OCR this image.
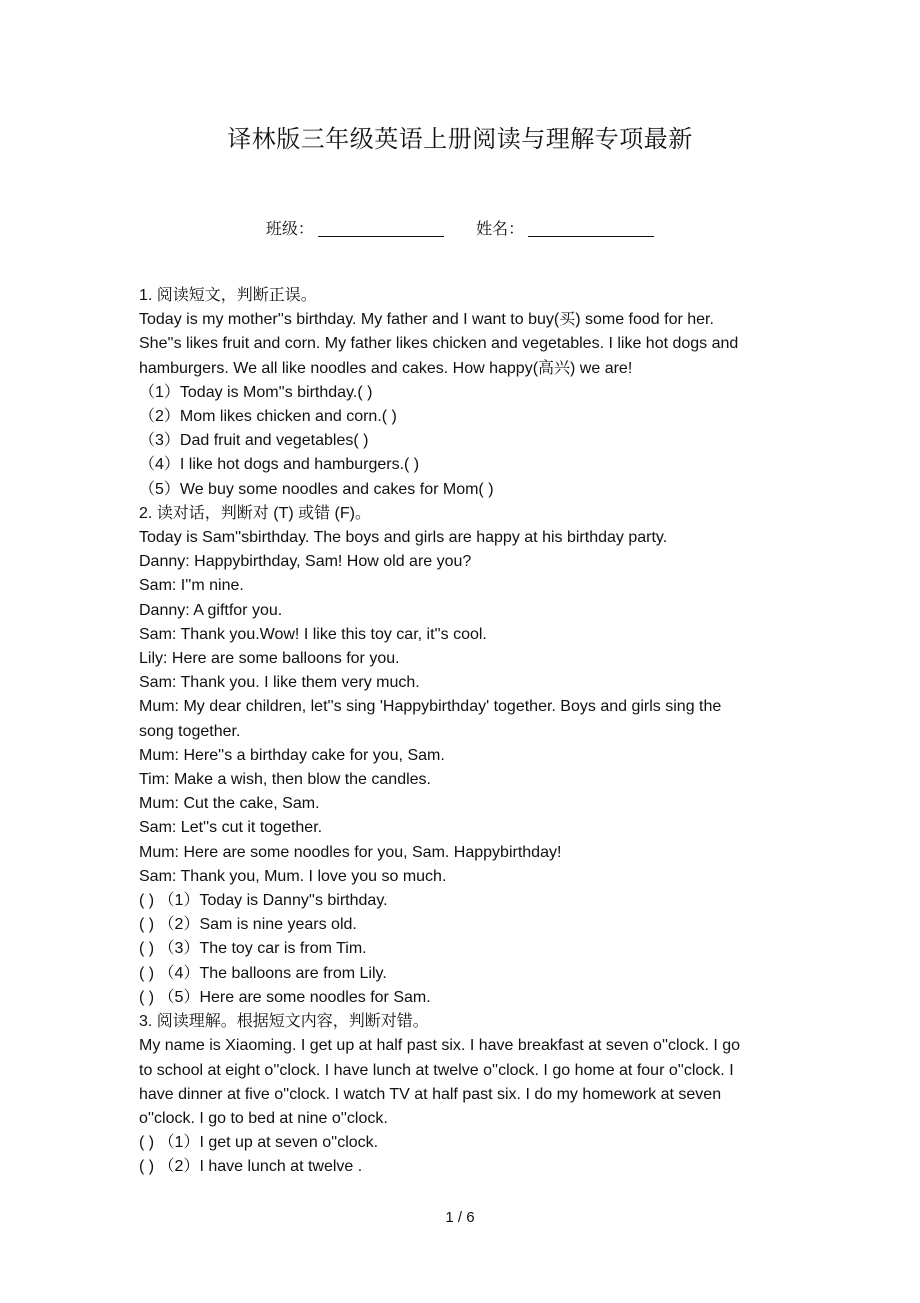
译林版三年级英语上册阅读与理解专项最新
班级：	姓名：

1. 阅读短文，判断正误。

Today is my mother''s birthday. My father and I want to buy(买) some food for her.

She''s likes fruit and corn. My father likes chicken and vegetables. I like hot dogs and

hamburgers. We all like noodles and cakes. How happy(高兴) we are!

（1）Today is Mom''s birthday.( )

（2）Mom likes chicken and corn.( )

（3）Dad fruit and vegetables( )

（4）I like hot dogs and hamburgers.( )

（5）We buy some noodles and cakes for Mom( )

2. 读对话，判断对 (T) 或错 (F)。

Today is Sam''sbirthday. The boys and girls are happy at his birthday party.

Danny: Happybirthday, Sam! How old are you?

Sam: I''m nine.

Danny: A giftfor you.

Sam: Thank you.Wow! I like this toy car, it''s cool.

Lily: Here are some balloons for you.

Sam: Thank you. I like them very much.

Mum: My dear children, let''s sing 'Happybirthday' together. Boys and girls sing the

song together.

Mum: Here''s a birthday cake for you, Sam.

Tim: Make a wish, then blow the candles.

Mum: Cut the cake, Sam.

Sam: Let''s cut it together.

Mum: Here are some noodles for you, Sam. Happybirthday!

Sam: Thank you, Mum. I love you so much.

( ) （1）Today is Danny''s birthday.

( ) （2）Sam is nine years old.

( ) （3）The toy car is from Tim.

( ) （4）The balloons are from Lily.

( ) （5）Here are some noodles for Sam.

3. 阅读理解。根据短文内容，判断对错。

My name is Xiaoming. I get up at half past six. I have breakfast at seven o''clock. I go

to school at eight o''clock. I have lunch at twelve o''clock. I go home at four o''clock. I

have dinner at five o''clock. I watch TV at half past six. I do my homework at seven

o''clock. I go to bed at nine o''clock.

( ) （1）I get up at seven o''clock.

( ) （2）I have lunch at twelve .

1 / 6
